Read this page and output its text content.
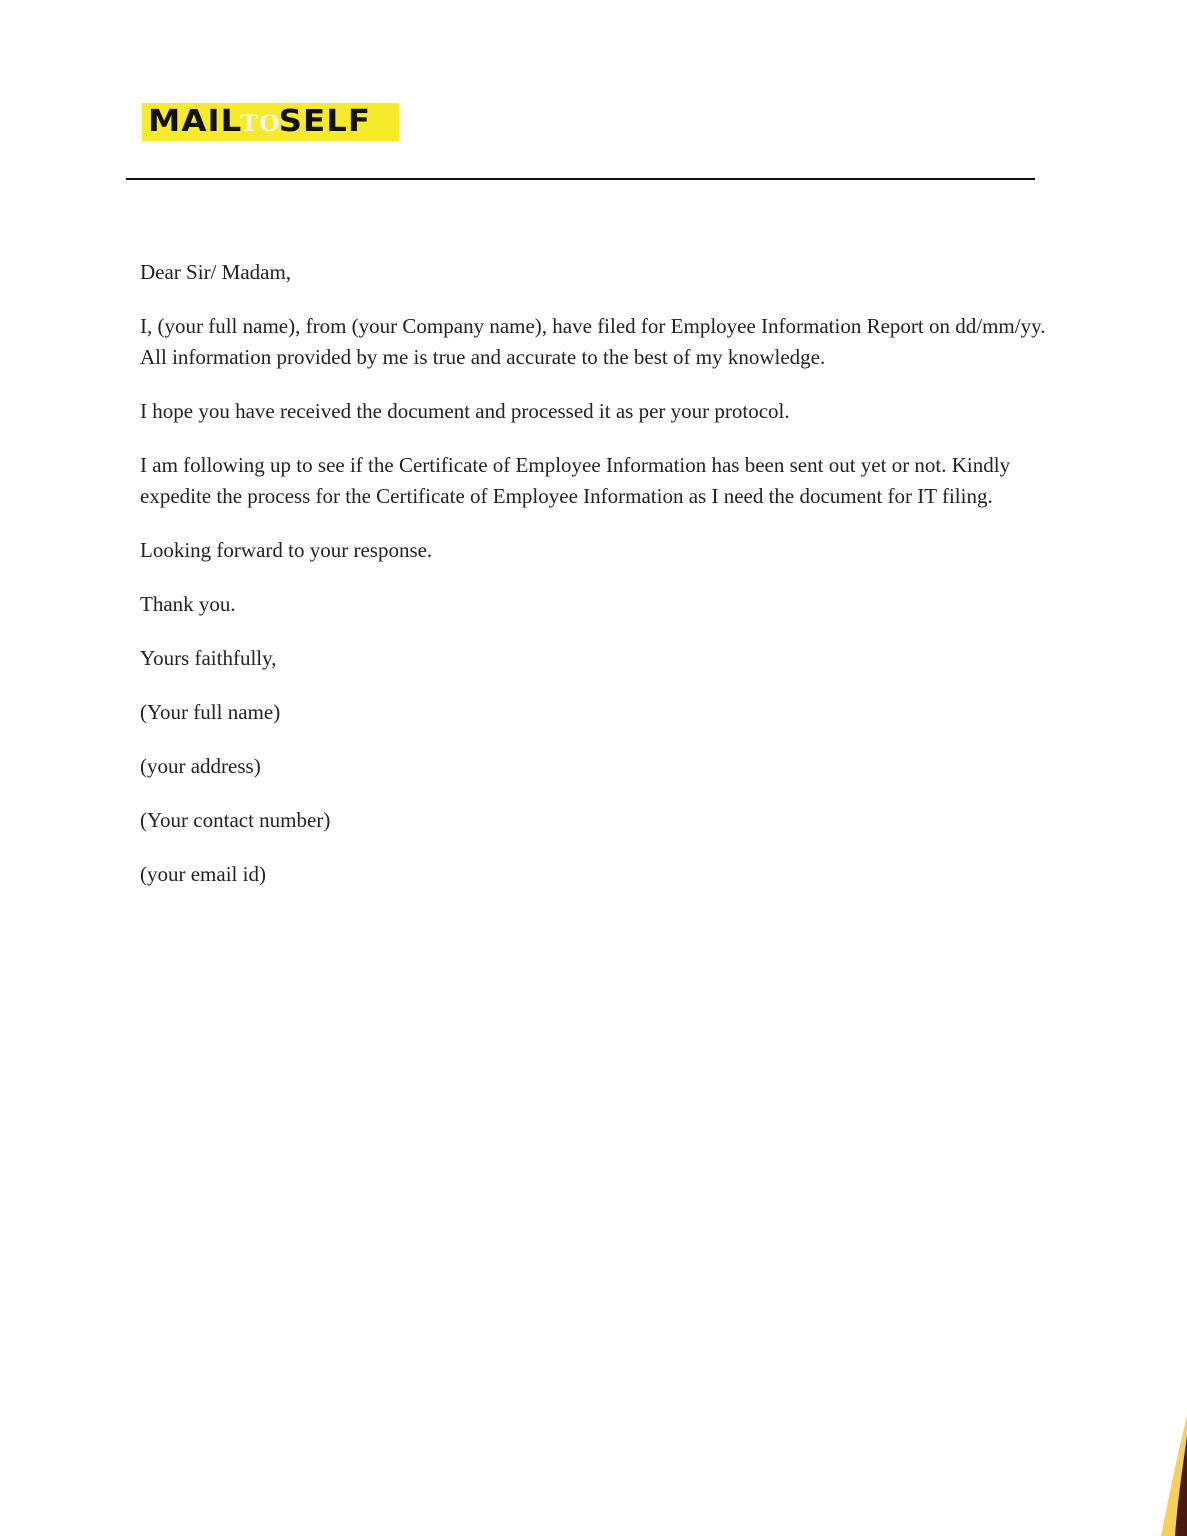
MAILTOSELF

Dear Sir/ Madam,

I, (your full name), from (your Company name), have filed for Employee Information Report on dd/mm/yy. All information provided by me is true and accurate to the best of my knowledge.

I hope you have received the document and processed it as per your protocol.

I am following up to see if the Certificate of Employee Information has been sent out yet or not. Kindly expedite the process for the Certificate of Employee Information as I need the document for IT filing.

Looking forward to your response.

Thank you.

Yours faithfully,

(Your full name)

(your address)

(Your contact number)

(your email id)
